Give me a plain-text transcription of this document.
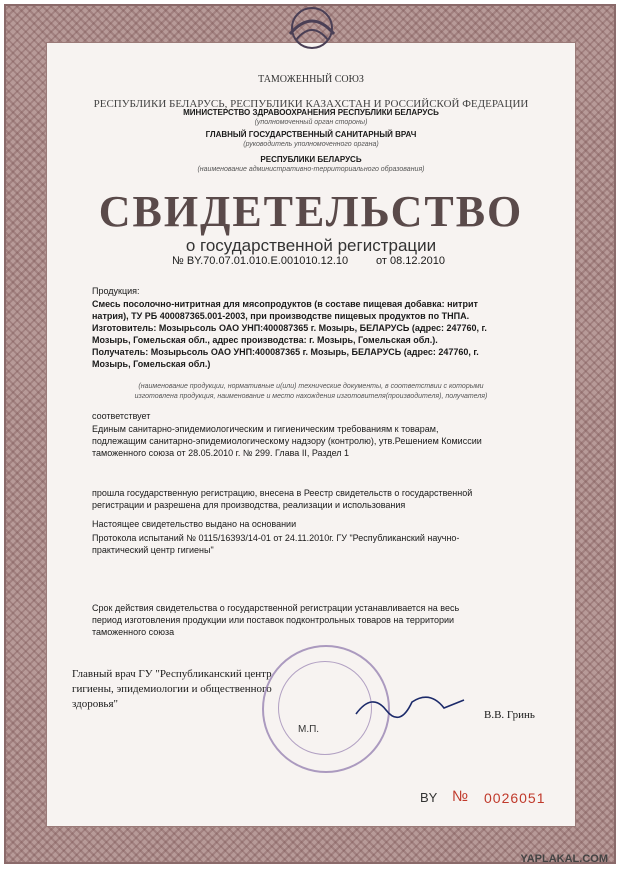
ТАМОЖЕННЫЙ СОЮЗ
РЕСПУБЛИКИ БЕЛАРУСЬ, РЕСПУБЛИКИ КАЗАХСТАН И РОССИЙСКОЙ ФЕДЕРАЦИИ
МИНИСТЕРСТВО ЗДРАВООХРАНЕНИЯ РЕСПУБЛИКИ БЕЛАРУСЬ
(уполномоченный орган стороны)
ГЛАВНЫЙ ГОСУДАРСТВЕННЫЙ САНИТАРНЫЙ ВРАЧ
(руководитель уполномоченного органа)
РЕСПУБЛИКИ БЕЛАРУСЬ
(наименование административно-территориального образования)
СВИДЕТЕЛЬСТВО
о государственной регистрации
№ BY.70.07.01.010.E.001010.12.10	от 08.12.2010
Продукция:
Смесь посолочно-нитритная для мясопродуктов (в составе пищевая добавка: нитрит
натрия), ТУ РБ 400087365.001-2003, при производстве пищевых продуктов по ТНПА.
Изготовитель: Мозырьсоль ОАО УНП:400087365 г. Мозырь, БЕЛАРУСЬ (адрес: 247760, г.
Мозырь, Гомельская обл., адрес производства: г. Мозырь, Гомельская обл.).
Получатель: Мозырьсоль ОАО УНП:400087365 г. Мозырь, БЕЛАРУСЬ (адрес: 247760, г.
Мозырь, Гомельская обл.)
(наименование продукции, нормативные и(или) технические документы, в соответствии с которыми
изготовлена продукция, наименование и место нахождения изготовителя(производителя), получателя)
соответствует
Единым санитарно-эпидемиологическим и гигиеническим требованиям к товарам,
подлежащим санитарно-эпидемиологическому надзору (контролю), утв.Решением Комиссии
таможенного союза от 28.05.2010 г. № 299. Глава II, Раздел 1
прошла государственную регистрацию, внесена в Реестр свидетельств о государственной
регистрации и разрешена для производства, реализации и использования
Настоящее свидетельство выдано на основании
Протокола испытаний № 0115/16393/14-01 от 24.11.2010г. ГУ "Республиканский научно-
практический центр гигиены"
Срок действия свидетельства о государственной регистрации устанавливается на весь
период изготовления продукции или поставок подконтрольных товаров на территории
таможенного союза
Главный врач ГУ "Республиканский центр
гигиены, эпидемиологии и общественного
здоровья"
М.П.
В.В. Гринь
BY № 0026051
YAPLAKAL.COM
